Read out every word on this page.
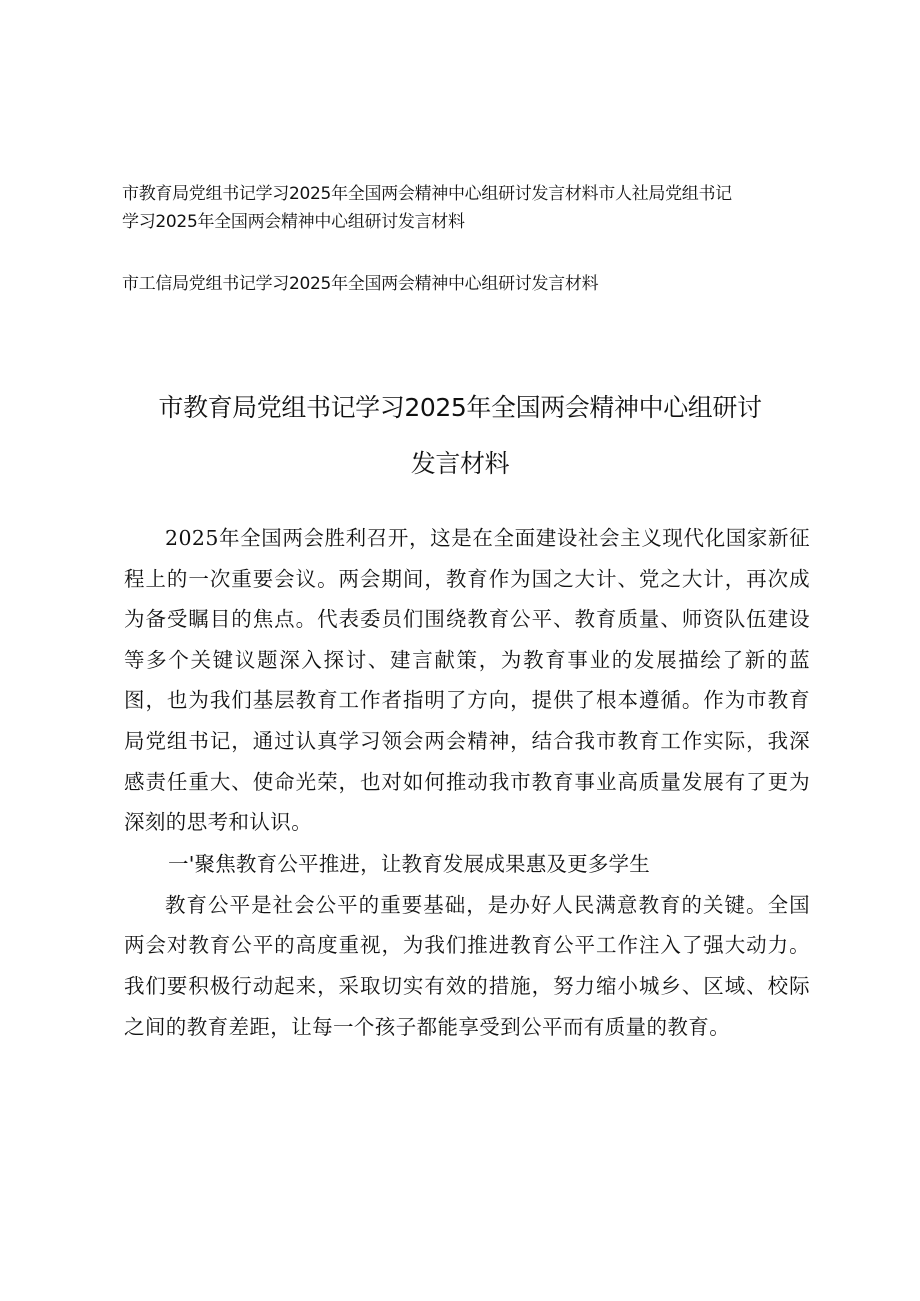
市教育局党组书记学习2025年全国两会精神中心组研讨发言材料市人社局党组书记
学习2025年全国两会精神中心组研讨发言材料
市工信局党组书记学习2025年全国两会精神中心组研讨发言材料
市教育局党组书记学习2025年全国两会精神中心组研讨
发言材料

2025年全国两会胜利召开，这是在全面建设社会主义现代化国家新征程上的一次重要会议。两会期间，教育作为国之大计、党之大计，再次成为备受瞩目的焦点。代表委员们围绕教育公平、教育质量、师资队伍建设等多个关键议题深入探讨、建言献策，为教育事业的发展描绘了新的蓝图，也为我们基层教育工作者指明了方向，提供了根本遵循。作为市教育局党组书记，通过认真学习领会两会精神，结合我市教育工作实际，我深感责任重大、使命光荣，也对如何推动我市教育事业高质量发展有了更为深刻的思考和认识。

一'聚焦教育公平推进，让教育发展成果惠及更多学生

教育公平是社会公平的重要基础，是办好人民满意教育的关键。全国两会对教育公平的高度重视，为我们推进教育公平工作注入了强大动力。我们要积极行动起来，采取切实有效的措施，努力缩小城乡、区域、校际之间的教育差距，让每一个孩子都能享受到公平而有质量的教育。
